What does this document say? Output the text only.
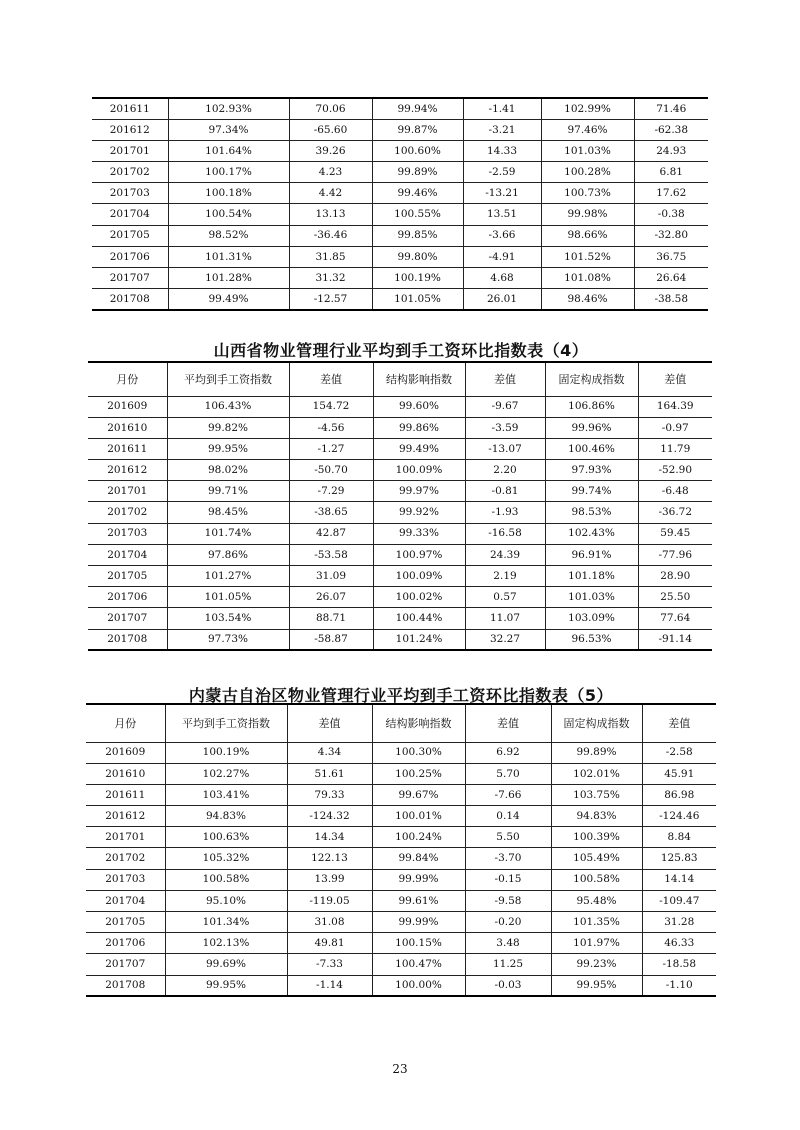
201611	102.93%	70.06	99.94%	-1.41	102.99%	71.46
201612	97.34%	-65.60	99.87%	-3.21	97.46%	-62.38
201701	101.64%	39.26	100.60%	14.33	101.03%	24.93
201702	100.17%	4.23	99.89%	-2.59	100.28%	6.81
201703	100.18%	4.42	99.46%	-13.21	100.73%	17.62
201704	100.54%	13.13	100.55%	13.51	99.98%	-0.38
201705	98.52%	-36.46	99.85%	-3.66	98.66%	-32.80
201706	101.31%	31.85	99.80%	-4.91	101.52%	36.75
201707	101.28%	31.32	100.19%	4.68	101.08%	26.64
201708	99.49%	-12.57	101.05%	26.01	98.46%	-38.58
山西省物业管理行业平均到手工资环比指数表（4）
月份	平均到手工资指数	差值	结构影响指数	差值	固定构成指数	差值
201609	106.43%	154.72	99.60%	-9.67	106.86%	164.39
201610	99.82%	-4.56	99.86%	-3.59	99.96%	-0.97
201611	99.95%	-1.27	99.49%	-13.07	100.46%	11.79
201612	98.02%	-50.70	100.09%	2.20	97.93%	-52.90
201701	99.71%	-7.29	99.97%	-0.81	99.74%	-6.48
201702	98.45%	-38.65	99.92%	-1.93	98.53%	-36.72
201703	101.74%	42.87	99.33%	-16.58	102.43%	59.45
201704	97.86%	-53.58	100.97%	24.39	96.91%	-77.96
201705	101.27%	31.09	100.09%	2.19	101.18%	28.90
201706	101.05%	26.07	100.02%	0.57	101.03%	25.50
201707	103.54%	88.71	100.44%	11.07	103.09%	77.64
201708	97.73%	-58.87	101.24%	32.27	96.53%	-91.14
内蒙古自治区物业管理行业平均到手工资环比指数表（5）
月份	平均到手工资指数	差值	结构影响指数	差值	固定构成指数	差值
201609	100.19%	4.34	100.30%	6.92	99.89%	-2.58
201610	102.27%	51.61	100.25%	5.70	102.01%	45.91
201611	103.41%	79.33	99.67%	-7.66	103.75%	86.98
201612	94.83%	-124.32	100.01%	0.14	94.83%	-124.46
201701	100.63%	14.34	100.24%	5.50	100.39%	8.84
201702	105.32%	122.13	99.84%	-3.70	105.49%	125.83
201703	100.58%	13.99	99.99%	-0.15	100.58%	14.14
201704	95.10%	-119.05	99.61%	-9.58	95.48%	-109.47
201705	101.34%	31.08	99.99%	-0.20	101.35%	31.28
201706	102.13%	49.81	100.15%	3.48	101.97%	46.33
201707	99.69%	-7.33	100.47%	11.25	99.23%	-18.58
201708	99.95%	-1.14	100.00%	-0.03	99.95%	-1.10
23
